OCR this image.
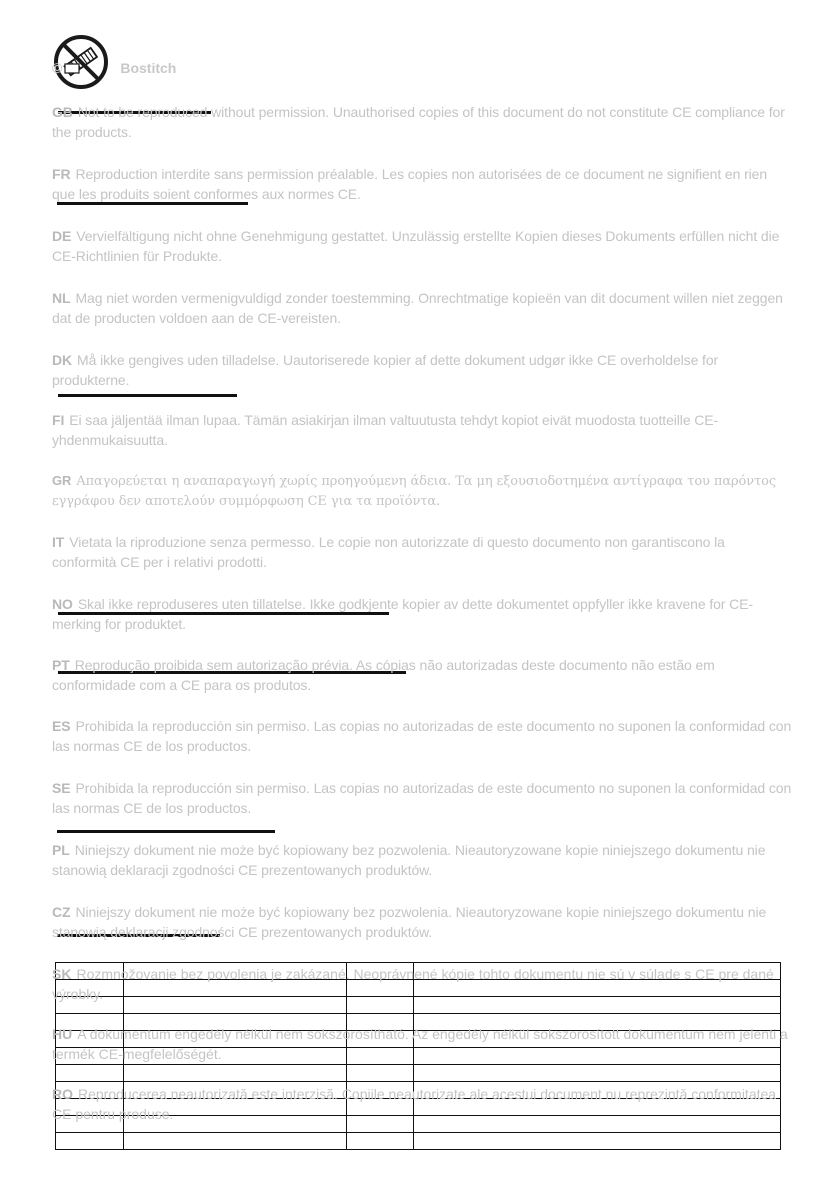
©	Bostitch

GB Not to be reproduced without permission. Unauthorised copies of this document do not constitute CE compliance for the products.

FR Reproduction interdite sans permission préalable. Les copies non autorisées de ce document ne signifient en rien que les produits soient conformes aux normes CE.

DE Vervielfältigung nicht ohne Genehmigung gestattet. Unzulässig erstellte Kopien dieses Dokuments erfüllen nicht die CE-Richtlinien für Produkte.

NL Mag niet worden vermenigvuldigd zonder toestemming. Onrechtmatige kopieën van dit document willen niet zeggen dat de producten voldoen aan de CE-vereisten.

DK Må ikke gengives uden tilladelse. Uautoriserede kopier af dette dokument udgør ikke CE overholdelse for produkterne.

FI Ei saa jäljentää ilman lupaa. Tämän asiakirjan ilman valtuutusta tehdyt kopiot eivät muodosta tuotteille CE-yhdenmukaisuutta.

GR Απαγορεύεται η αναπαραγωγή χωρίς προηγούμενη άδεια. Τα μη εξουσιοδοτημένα αντίγραφα του παρόντος εγγράφου δεν αποτελούν συμμόρφωση CE για τα προϊόντα.

IT Vietata la riproduzione senza permesso. Le copie non autorizzate di questo documento non garantiscono la conformità CE per i relativi prodotti.

NO Skal ikke reproduseres uten tillatelse. Ikke godkjente kopier av dette dokumentet oppfyller ikke kravene for CE-merking for produktet.

PT Reprodução proibida sem autorização prévia. As cópias não autorizadas deste documento não estão em conformidade com a CE para os produtos.

ES Prohibida la reproducción sin permiso. Las copias no autorizadas de este documento no suponen la conformidad con las normas CE de los productos.

SE Prohibida la reproducción sin permiso. Las copias no autorizadas de este documento no suponen la conformidad con las normas CE de los productos.

PL Niniejszy dokument nie może być kopiowany bez pozwolenia. Nieautoryzowane kopie niniejszego dokumentu nie stanowią deklaracji zgodności CE prezentowanych produktów.

CZ Niniejszy dokument nie może być kopiowany bez pozwolenia. Nieautoryzowane kopie niniejszego dokumentu nie stanowią deklaracji zgodności CE prezentowanych produktów.

SK Rozmnožovanie bez povolenia je zakázané. Neoprávnené kópie tohto dokumentu nie sú v súlade s CE pre dané výrobky.

HU A dokumentum engedély nélkül nem sokszorosítható. Az engedély nélkül sokszorosított dokumentum nem jelenti a termék CE-megfelelőségét.

RO Reproducerea neautorizată este interzisă. Copiile neautorizate ale acestui document nu reprezintă conformitatea CE pentru produse.
